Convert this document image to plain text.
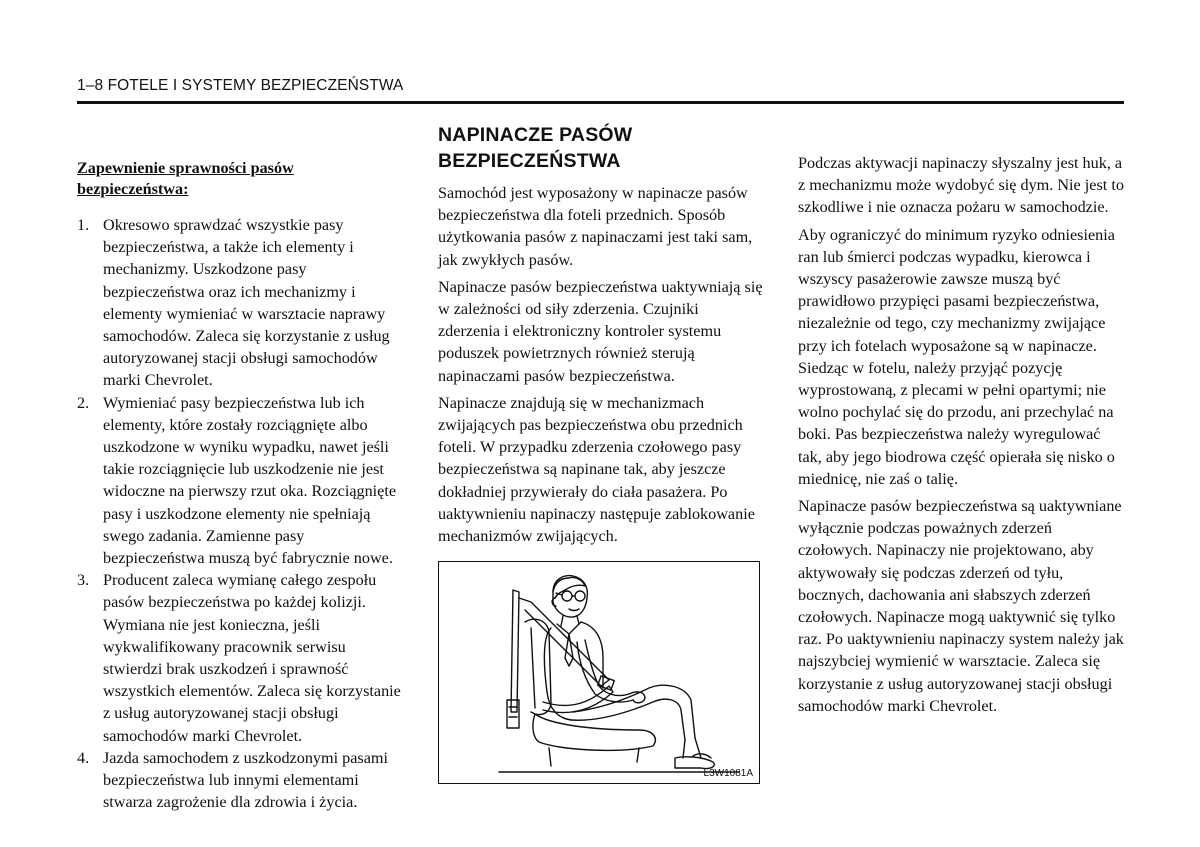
1–8 FOTELE I SYSTEMY BEZPIECZEŃSTWA
Zapewnienie sprawności pasów bezpieczeństwa:
1. Okresowo sprawdzać wszystkie pasy bezpieczeństwa, a także ich elementy i mechanizmy. Uszkodzone pasy bezpieczeństwa oraz ich mechanizmy i elementy wymieniać w warsztacie naprawy samochodów. Zaleca się korzystanie z usług autoryzowanej stacji obsługi samochodów marki Chevrolet.
2. Wymieniać pasy bezpieczeństwa lub ich elementy, które zostały rozciągnięte albo uszkodzone w wyniku wypadku, nawet jeśli takie rozciągnięcie lub uszkodzenie nie jest widoczne na pierwszy rzut oka. Rozciągnięte pasy i uszkodzone elementy nie spełniają swego zadania. Zamienne pasy bezpieczeństwa muszą być fabrycznie nowe.
3. Producent zaleca wymianę całego zespołu pasów bezpieczeństwa po każdej kolizji. Wymiana nie jest konieczna, jeśli wykwalifikowany pracownik serwisu stwierdzi brak uszkodzeń i sprawność wszystkich elementów. Zaleca się korzystanie z usług autoryzowanej stacji obsługi samochodów marki Chevrolet.
4. Jazda samochodem z uszkodzonymi pasami bezpieczeństwa lub innymi elementami stwarza zagrożenie dla zdrowia i życia.
NAPINACZE PASÓW
BEZPIECZEŃSTWA

Samochód jest wyposażony w napinacze pasów bezpieczeństwa dla foteli przednich. Sposób użytkowania pasów z napinaczami jest taki sam, jak zwykłych pasów.

Napinacze pasów bezpieczeństwa uaktywniają się w zależności od siły zderzenia. Czujniki zderzenia i elektroniczny kontroler systemu poduszek powietrznych również sterują napinaczami pasów bezpieczeństwa.

Napinacze znajdują się w mechanizmach zwijających pas bezpieczeństwa obu przednich foteli. W przypadku zderzenia czołowego pasy bezpieczeństwa są napinane tak, aby jeszcze dokładniej przywierały do ciała pasażera. Po uaktywnieniu napinaczy następuje zablokowanie mechanizmów zwijających.

L3W1081A

Podczas aktywacji napinaczy słyszalny jest huk, a z mechanizmu może wydobyć się dym. Nie jest to szkodliwe i nie oznacza pożaru w samochodzie.

Aby ograniczyć do minimum ryzyko odniesienia ran lub śmierci podczas wypadku, kierowca i wszyscy pasażerowie zawsze muszą być prawidłowo przypięci pasami bezpieczeństwa, niezależnie od tego, czy mechanizmy zwijające przy ich fotelach wyposażone są w napinacze. Siedząc w fotelu, należy przyjąć pozycję wyprostowaną, z plecami w pełni opartymi; nie wolno pochylać się do przodu, ani przechylać na boki. Pas bezpieczeństwa należy wyregulować tak, aby jego biodrowa część opierała się nisko o miednicę, nie zaś o talię.

Napinacze pasów bezpieczeństwa są uaktywniane wyłącznie podczas poważnych zderzeń czołowych. Napinaczy nie projektowano, aby aktywowały się podczas zderzeń od tyłu, bocznych, dachowania ani słabszych zderzeń czołowych. Napinacze mogą uaktywnić się tylko raz. Po uaktywnieniu napinaczy system należy jak najszybciej wymienić w warsztacie. Zaleca się korzystanie z usług autoryzowanej stacji obsługi samochodów marki Chevrolet.
